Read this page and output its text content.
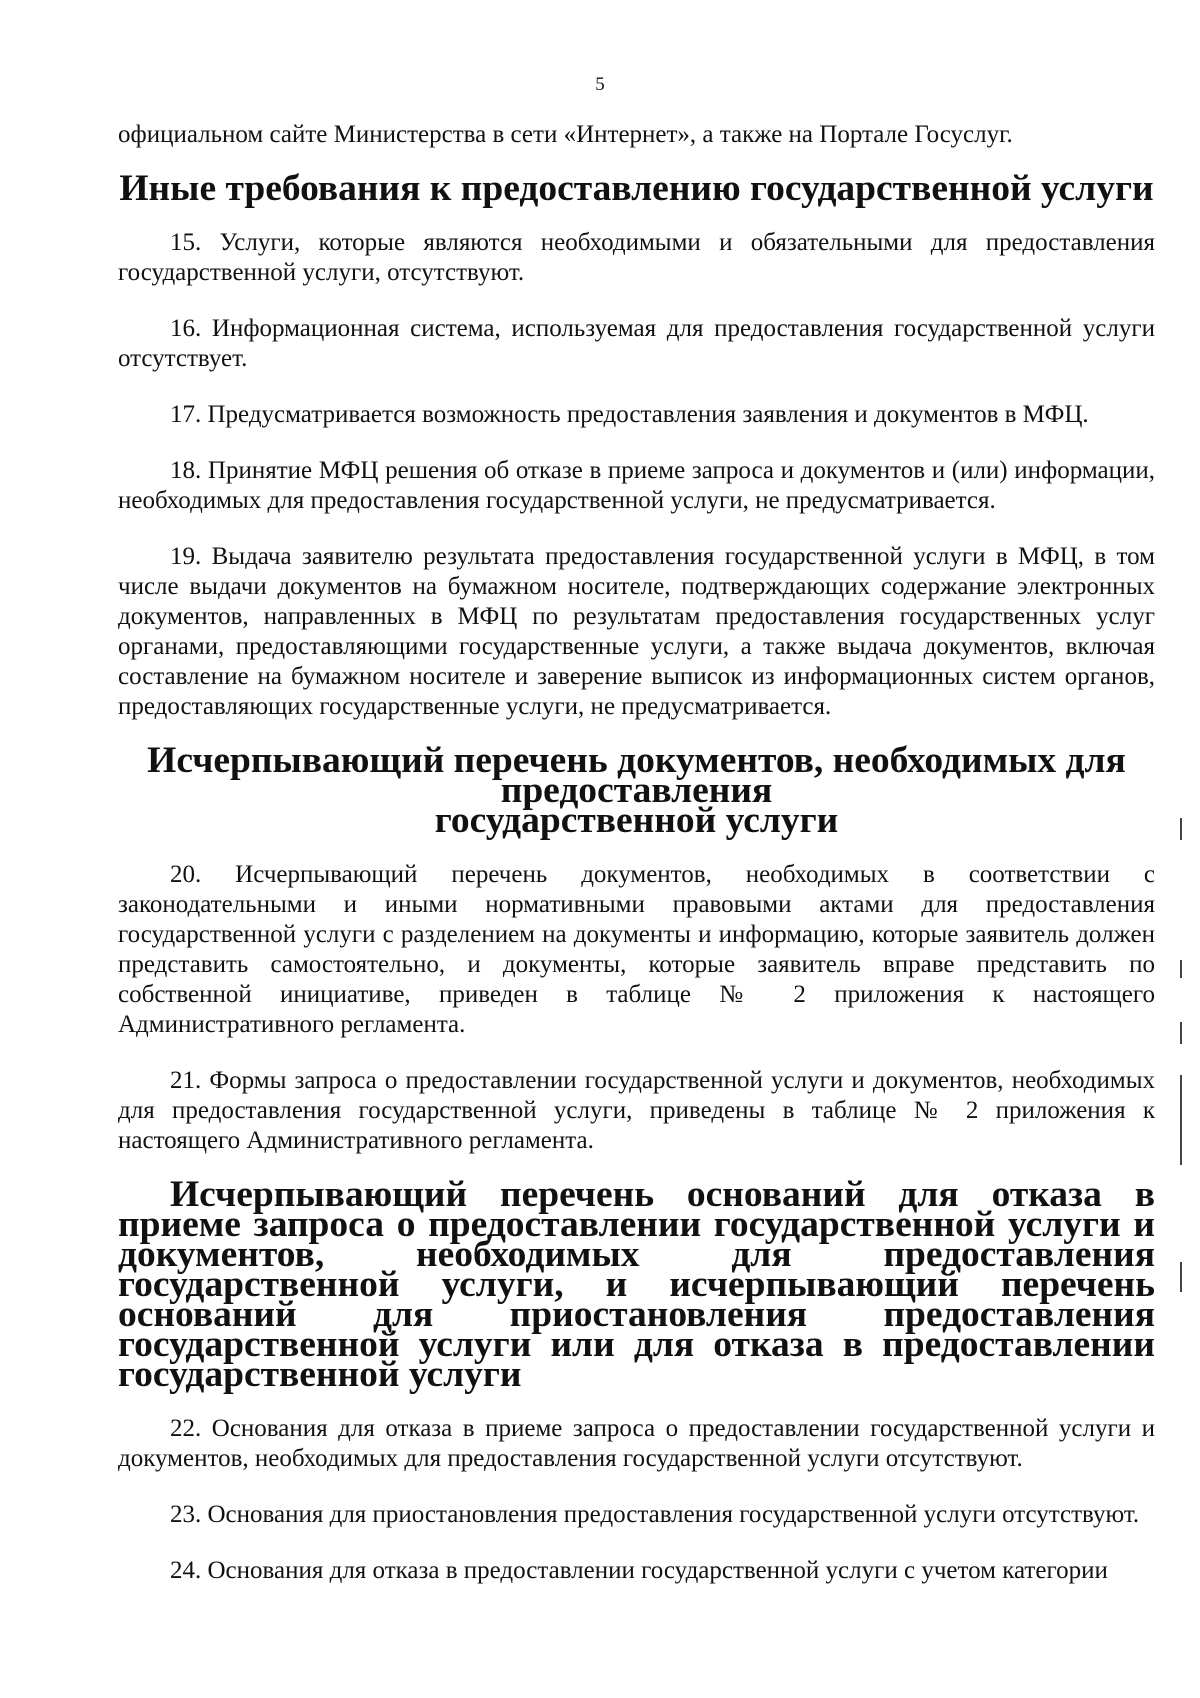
5

официальном сайте Министерства в сети «Интернет», а также на Портале Госуслуг.

Иные требования к предоставлению государственной услуги

15. Услуги, которые являются необходимыми и обязательными для предоставления государственной услуги, отсутствуют.

16. Информационная система, используемая для предоставления государственной услуги отсутствует.

17. Предусматривается возможность предоставления заявления и документов в МФЦ.

18. Принятие МФЦ решения об отказе в приеме запроса и документов и (или) информации, необходимых для предоставления государственной услуги, не предусматривается.

19. Выдача заявителю результата предоставления государственной услуги в МФЦ, в том числе выдачи документов на бумажном носителе, подтверждающих содержание электронных документов, направленных в МФЦ по результатам предоставления государственных услуг органами, предоставляющими государственные услуги, а также выдача документов, включая составление на бумажном носителе и заверение выписок из информационных систем органов, предоставляющих государственные услуги, не предусматривается.

Исчерпывающий перечень документов, необходимых для предоставления
государственной услуги

20. Исчерпывающий перечень документов, необходимых в соответствии с законодательными и иными нормативными правовыми актами для предоставления государственной услуги с разделением на документы и информацию, которые заявитель должен представить самостоятельно, и документы, которые заявитель вправе представить по собственной инициативе, приведен в таблице № 2 приложения к настоящего Административного регламента.

21. Формы запроса о предоставлении государственной услуги и документов, необходимых для предоставления государственной услуги, приведены в таблице № 2 приложения к настоящего Административного регламента.

Исчерпывающий перечень оснований для отказа в приеме запроса о предоставлении государственной услуги и документов, необходимых для предоставления государственной услуги, и исчерпывающий перечень оснований для приостановления предоставления государственной услуги или для отказа в предоставлении государственной услуги

22. Основания для отказа в приеме запроса о предоставлении государственной услуги и документов, необходимых для предоставления государственной услуги отсутствуют.

23. Основания для приостановления предоставления государственной услуги отсутствуют.

24. Основания для отказа в предоставлении государственной услуги с учетом категории
